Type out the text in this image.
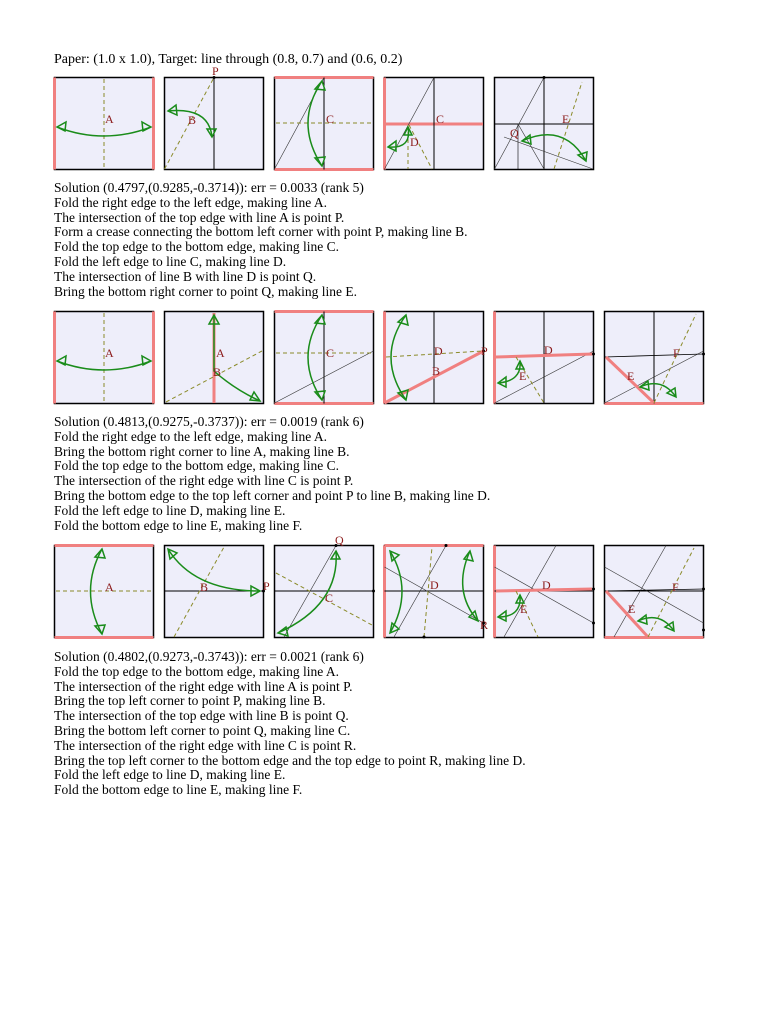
Paper: (1.0 x 1.0), Target: line through (0.8, 0.7) and (0.6, 0.2)
A
P
B	C	C
D
Q
E
Solution (0.4797,(0.9285,-0.3714)): err = 0.0033 (rank 5)
Fold the right edge to the left edge, making line A.
The intersection of the top edge with line A is point P.
Form a crease connecting the bottom left corner with point P, making line B.
Fold the top edge to the bottom edge, making line C.
Fold the left edge to line C, making line D.
The intersection of line B with line D is point Q.
Bring the bottom right corner to point Q, making line E.
A	A
B
C	D	P
B
D
E
F
E
Solution (0.4813,(0.9275,-0.3737)): err = 0.0019 (rank 6)
Fold the right edge to the left edge, making line A.
Bring the bottom right corner to line A, making line B.
Fold the top edge to the bottom edge, making line C.
The intersection of the right edge with line C is point P.
Bring the bottom edge to the top left corner and point P to line B, making line D.
Fold the left edge to line D, making line E.
Fold the bottom edge to line E, making line F.
A	B	P
Q
C
D
R
D
E
F
E
Solution (0.4802,(0.9273,-0.3743)): err = 0.0021 (rank 6)
Fold the top edge to the bottom edge, making line A.
The intersection of the right edge with line A is point P.
Bring the top left corner to point P, making line B.
The intersection of the top edge with line B is point Q.
Bring the bottom left corner to point Q, making line C.
The intersection of the right edge with line C is point R.
Bring the top left corner to the bottom edge and the top edge to point R, making line D.
Fold the left edge to line D, making line E.
Fold the bottom edge to line E, making line F.
